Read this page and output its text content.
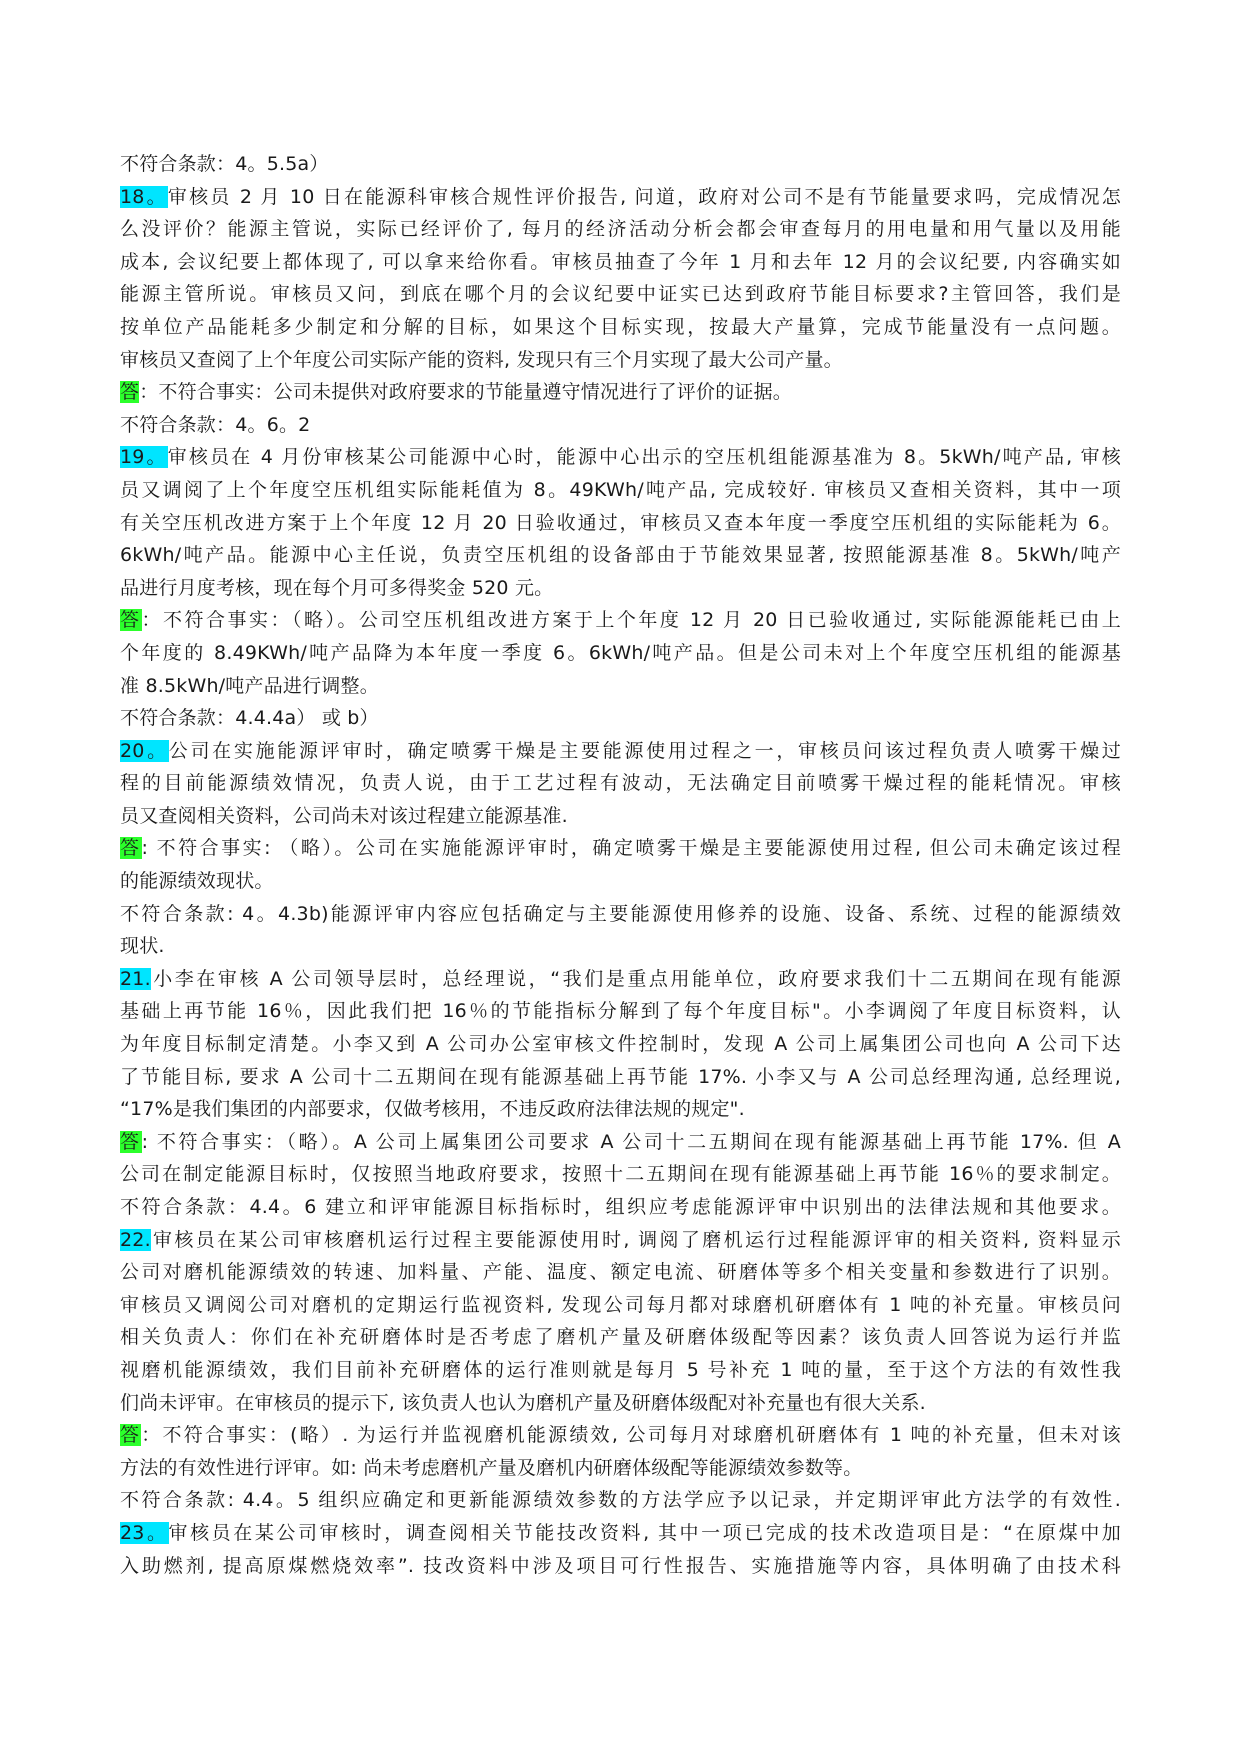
不符合条款：4。5.5a）
18。审核员 2 月 10 日在能源科审核合规性评价报告, 问道，政府对公司不是有节能量要求吗，完成情况怎
么没评价？能源主管说，实际已经评价了, 每月的经济活动分析会都会审查每月的用电量和用气量以及用能
成本, 会议纪要上都体现了, 可以拿来给你看。审核员抽查了今年 1 月和去年 12 月的会议纪要, 内容确实如
能源主管所说。审核员又问，到底在哪个月的会议纪要中证实已达到政府节能目标要求?主管回答，我们是
按单位产品能耗多少制定和分解的目标，如果这个目标实现，按最大产量算，完成节能量没有一点问题。
审核员又查阅了上个年度公司实际产能的资料, 发现只有三个月实现了最大公司产量。
答：不符合事实：公司未提供对政府要求的节能量遵守情况进行了评价的证据。
不符合条款：4。6。2
19。审核员在 4 月份审核某公司能源中心时，能源中心出示的空压机组能源基准为 8。5kWh/吨产品, 审核
员又调阅了上个年度空压机组实际能耗值为 8。49KWh/吨产品, 完成较好. 审核员又查相关资料，其中一项
有关空压机改进方案于上个年度 12 月 20 日验收通过，审核员又查本年度一季度空压机组的实际能耗为 6。
6kWh/吨产品。能源中心主任说，负责空压机组的设备部由于节能效果显著, 按照能源基准 8。5kWh/吨产
品进行月度考核，现在每个月可多得奖金 520 元。
答：不符合事实：（略）。公司空压机组改进方案于上个年度 12 月 20 日已验收通过, 实际能源能耗已由上
个年度的 8.49KWh/吨产品降为本年度一季度 6。6kWh/吨产品。但是公司未对上个年度空压机组的能源基
准 8.5kWh/吨产品进行调整。
不符合条款：4.4.4a） 或 b）
20。公司在实施能源评审时，确定喷雾干燥是主要能源使用过程之一，审核员问该过程负责人喷雾干燥过
程的目前能源绩效情况，负责人说，由于工艺过程有波动，无法确定目前喷雾干燥过程的能耗情况。审核
员又查阅相关资料，公司尚未对该过程建立能源基准.
答: 不符合事实: （略）。公司在实施能源评审时，确定喷雾干燥是主要能源使用过程, 但公司未确定该过程
的能源绩效现状。
不符合条款: 4。4.3b)能源评审内容应包括确定与主要能源使用修养的设施、设备、系统、过程的能源绩效
现状.
21.小李在审核 A 公司领导层时，总经理说，“我们是重点用能单位，政府要求我们十二五期间在现有能源
基础上再节能 16％，因此我们把 16％的节能指标分解到了每个年度目标"。小李调阅了年度目标资料，认
为年度目标制定清楚。小李又到 A 公司办公室审核文件控制时，发现 A 公司上属集团公司也向 A 公司下达
了节能目标, 要求 A 公司十二五期间在现有能源基础上再节能 17%. 小李又与 A 公司总经理沟通, 总经理说,
“17%是我们集团的内部要求，仅做考核用，不违反政府法律法规的规定".
答: 不符合事实：（略）。A 公司上属集团公司要求 A 公司十二五期间在现有能源基础上再节能 17%. 但 A
公司在制定能源目标时，仅按照当地政府要求，按照十二五期间在现有能源基础上再节能 16％的要求制定。
不符合条款：4.4。6 建立和评审能源目标指标时，组织应考虑能源评审中识别出的法律法规和其他要求。
22.审核员在某公司审核磨机运行过程主要能源使用时, 调阅了磨机运行过程能源评审的相关资料, 资料显示
公司对磨机能源绩效的转速、加料量、产能、温度、额定电流、研磨体等多个相关变量和参数进行了识别。
审核员又调阅公司对磨机的定期运行监视资料, 发现公司每月都对球磨机研磨体有 1 吨的补充量。审核员问
相关负责人：你们在补充研磨体时是否考虑了磨机产量及研磨体级配等因素？该负责人回答说为运行并监
视磨机能源绩效，我们目前补充研磨体的运行准则就是每月 5 号补充 1 吨的量，至于这个方法的有效性我
们尚未评审。在审核员的提示下, 该负责人也认为磨机产量及研磨体级配对补充量也有很大关系.
答：不符合事实：(略）. 为运行并监视磨机能源绩效, 公司每月对球磨机研磨体有 1 吨的补充量，但未对该
方法的有效性进行评审。如: 尚未考虑磨机产量及磨机内研磨体级配等能源绩效参数等。
不符合条款: 4.4。5 组织应确定和更新能源绩效参数的方法学应予以记录，并定期评审此方法学的有效性.
23。审核员在某公司审核时，调查阅相关节能技改资料, 其中一项已完成的技术改造项目是：“在原煤中加
入助燃剂, 提高原煤燃烧效率”. 技改资料中涉及项目可行性报告、实施措施等内容，具体明确了由技术科
